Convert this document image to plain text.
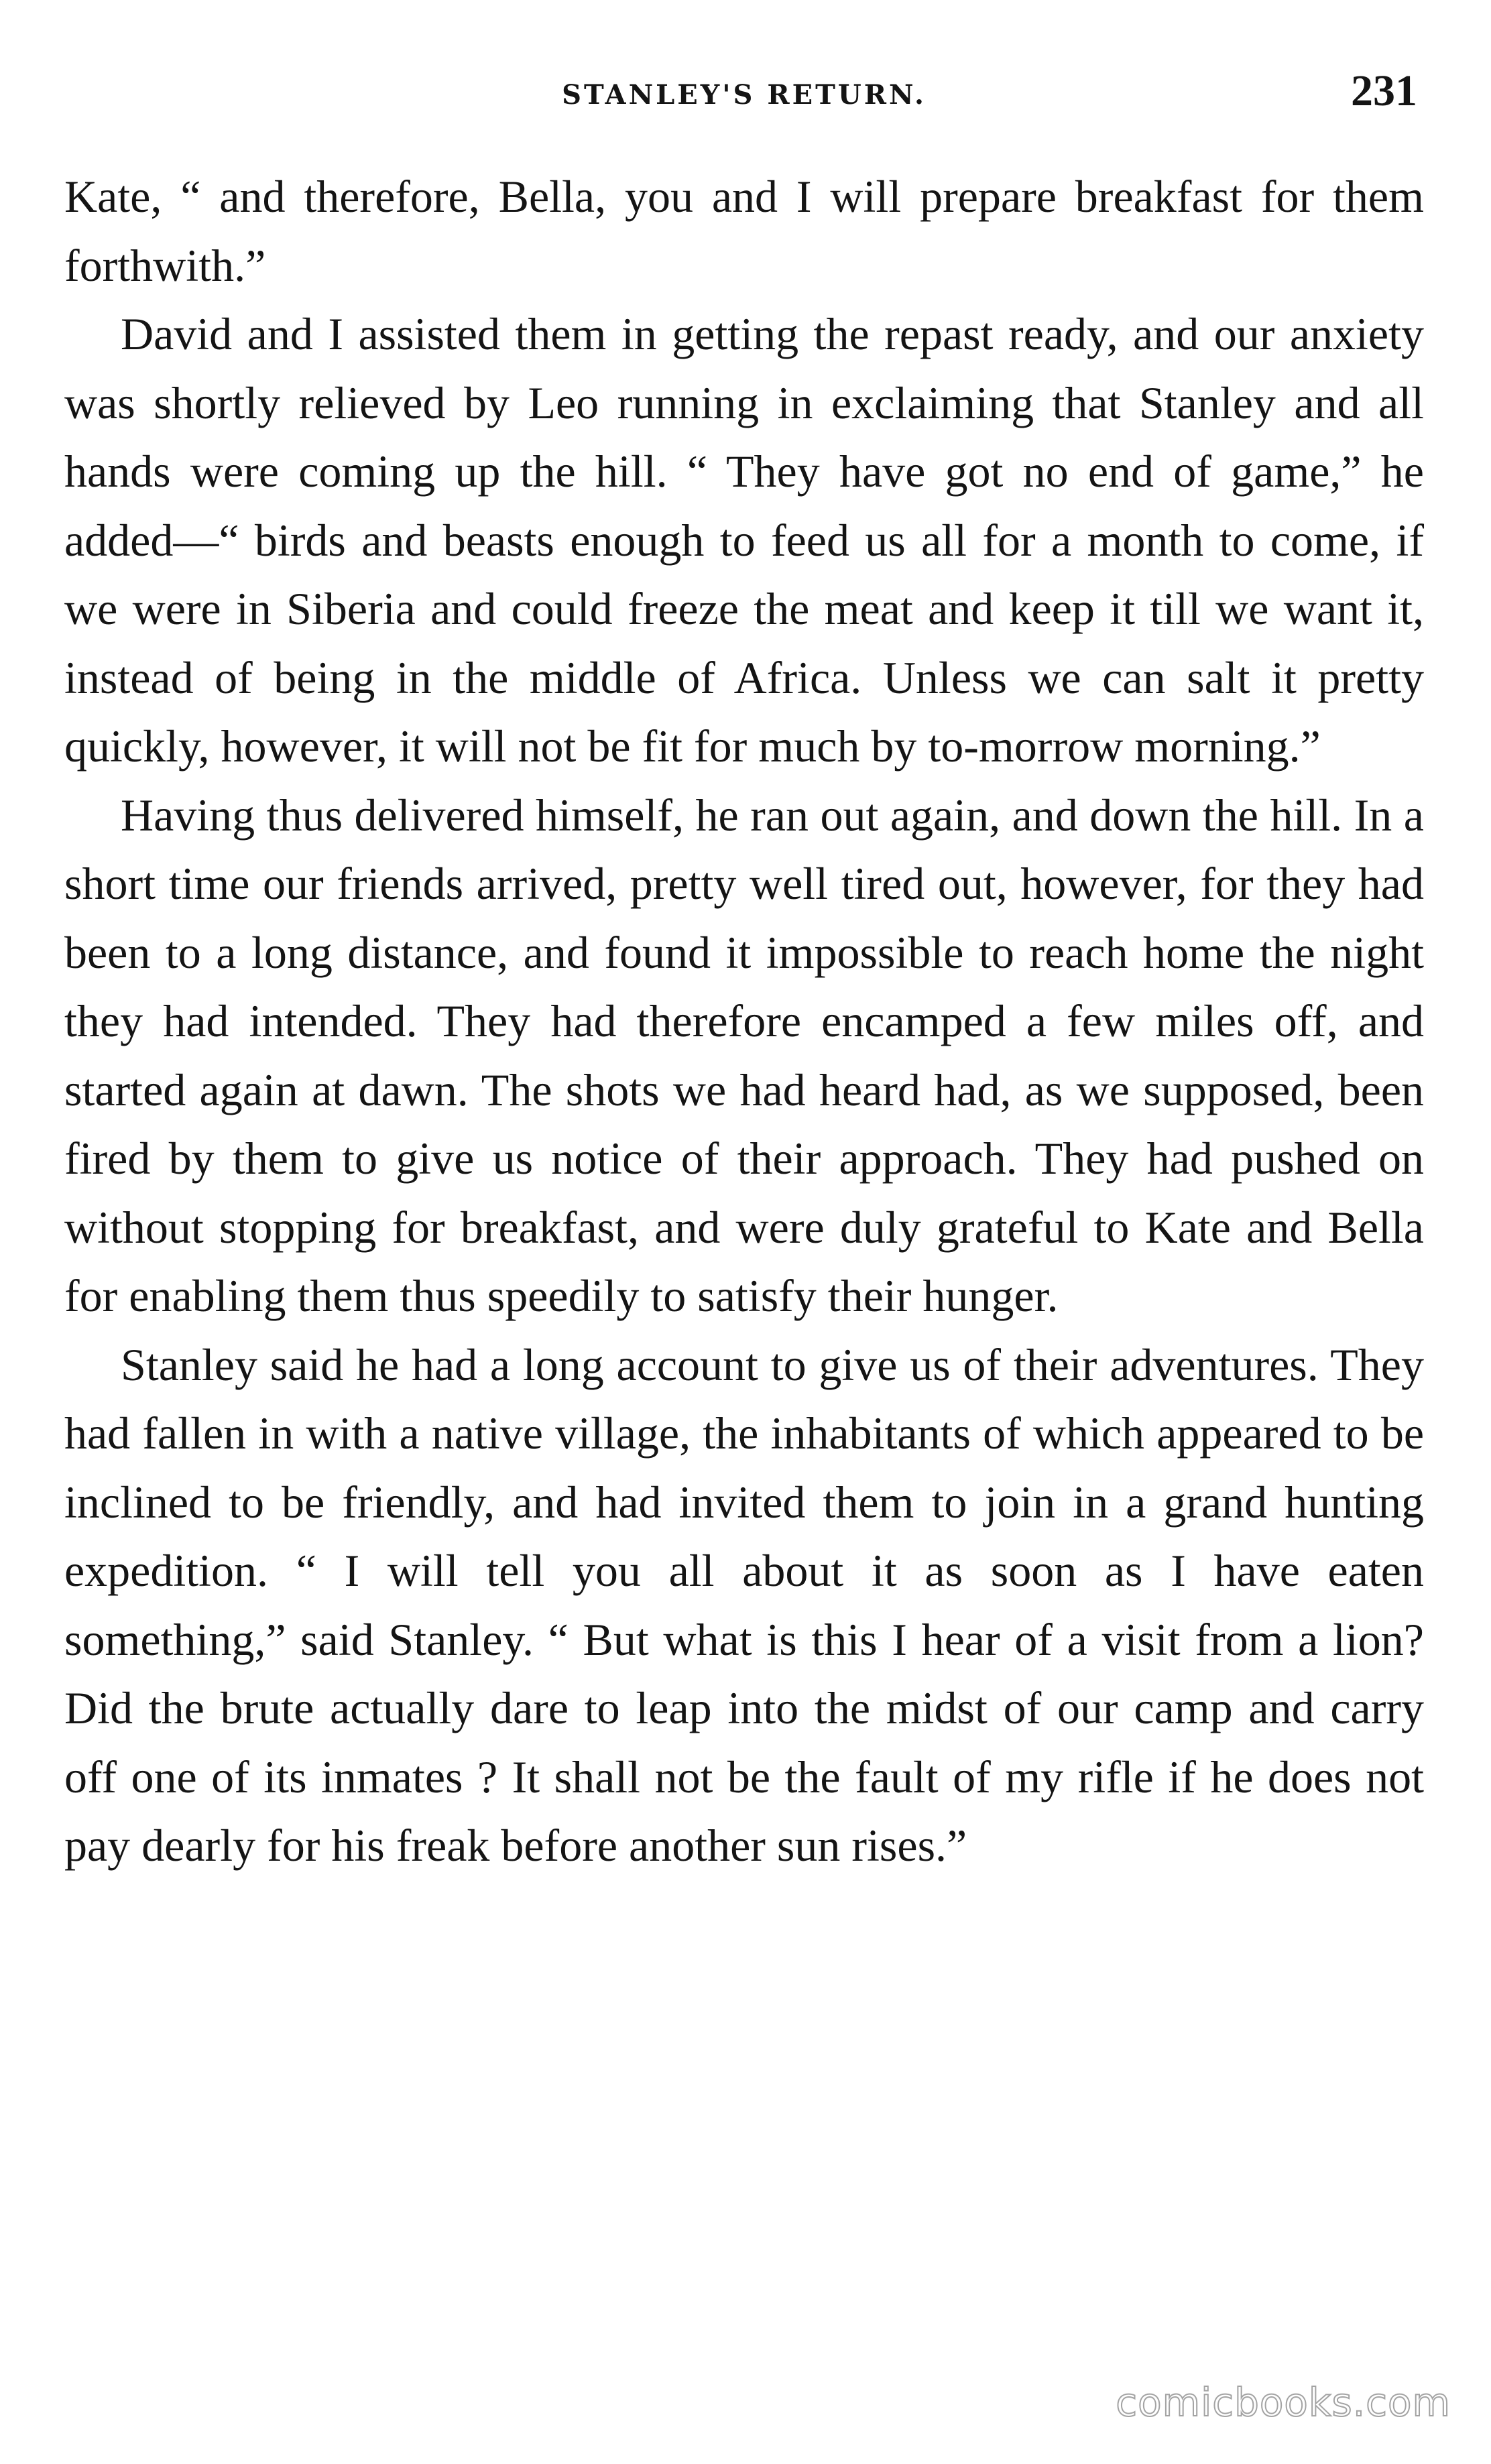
STANLEY'S RETURN.	231

Kate, “ and therefore, Bella, you and I will prepare breakfast for them forthwith.”

David and I assisted them in getting the repast ready, and our anxiety was shortly relieved by Leo running in exclaiming that Stanley and all hands were coming up the hill. “ They have got no end of game,” he added—“ birds and beasts enough to feed us all for a month to come, if we were in Siberia and could freeze the meat and keep it till we want it, instead of being in the middle of Africa. Unless we can salt it pretty quickly, however, it will not be fit for much by to-morrow morning.”

Having thus delivered himself, he ran out again, and down the hill. In a short time our friends arrived, pretty well tired out, however, for they had been to a long distance, and found it impossible to reach home the night they had intended. They had therefore encamped a few miles off, and started again at dawn. The shots we had heard had, as we supposed, been fired by them to give us notice of their approach. They had pushed on without stopping for breakfast, and were duly grateful to Kate and Bella for enabling them thus speedily to satisfy their hunger.

Stanley said he had a long account to give us of their adventures. They had fallen in with a native village, the inhabitants of which appeared to be inclined to be friendly, and had invited them to join in a grand hunting expedition. “ I will tell you all about it as soon as I have eaten something,” said Stanley. “ But what is this I hear of a visit from a lion? Did the brute actually dare to leap into the midst of our camp and carry off one of its inmates ? It shall not be the fault of my rifle if he does not pay dearly for his freak before another sun rises.”

comicbooks.com
